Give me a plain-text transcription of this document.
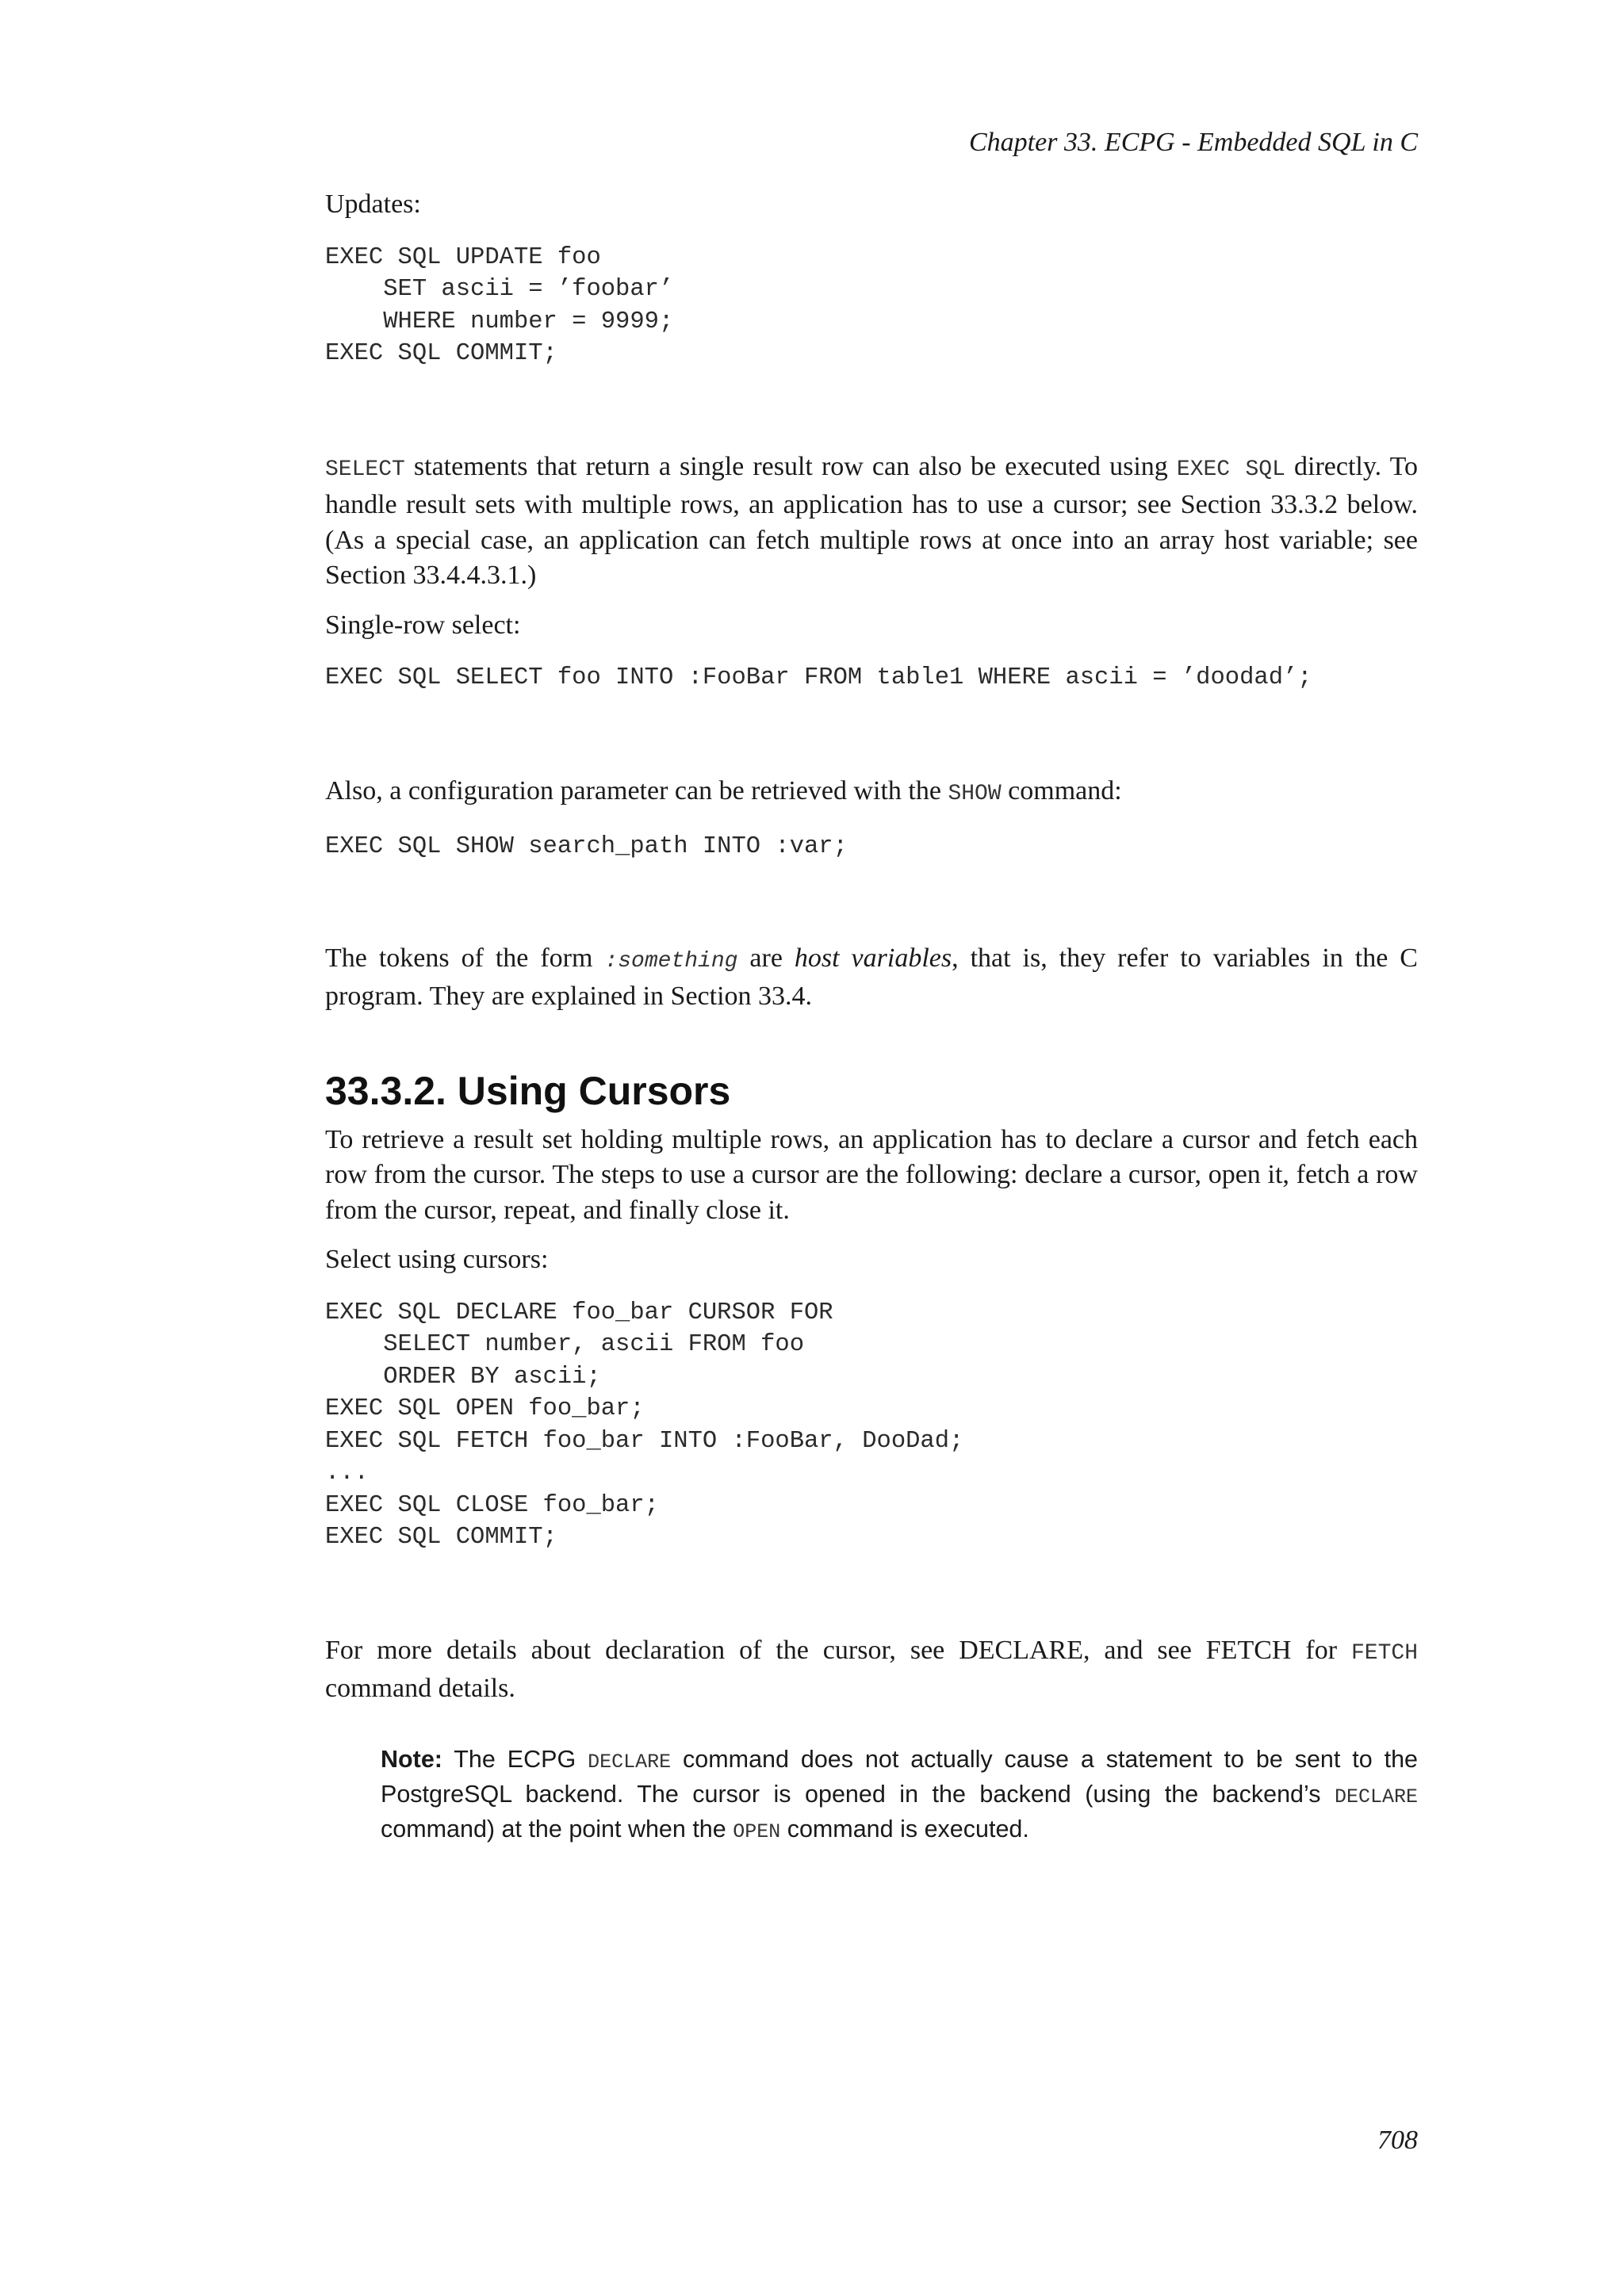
Chapter 33. ECPG - Embedded SQL in C

Updates:

EXEC SQL UPDATE foo
SET ascii = ’foobar’
WHERE number = 9999;
EXEC SQL COMMIT;

SELECT statements that return a single result row can also be executed using EXEC SQL directly. To handle result sets with multiple rows, an application has to use a cursor; see Section 33.3.2 below. (As a special case, an application can fetch multiple rows at once into an array host variable; see Section 33.4.4.3.1.)

Single-row select:

EXEC SQL SELECT foo INTO :FooBar FROM table1 WHERE ascii = ’doodad’;

Also, a configuration parameter can be retrieved with the SHOW command:

EXEC SQL SHOW search_path INTO :var;

The tokens of the form :something are host variables, that is, they refer to variables in the C program. They are explained in Section 33.4.

33.3.2. Using Cursors

To retrieve a result set holding multiple rows, an application has to declare a cursor and fetch each row from the cursor. The steps to use a cursor are the following: declare a cursor, open it, fetch a row from the cursor, repeat, and finally close it.

Select using cursors:

EXEC SQL DECLARE foo_bar CURSOR FOR
SELECT number, ascii FROM foo
ORDER BY ascii;
EXEC SQL OPEN foo_bar;
EXEC SQL FETCH foo_bar INTO :FooBar, DooDad;
...
EXEC SQL CLOSE foo_bar;
EXEC SQL COMMIT;

For more details about declaration of the cursor, see DECLARE, and see FETCH for FETCH command details.

Note: The ECPG DECLARE command does not actually cause a statement to be sent to the PostgreSQL backend. The cursor is opened in the backend (using the backend’s DECLARE command) at the point when the OPEN command is executed.
708
